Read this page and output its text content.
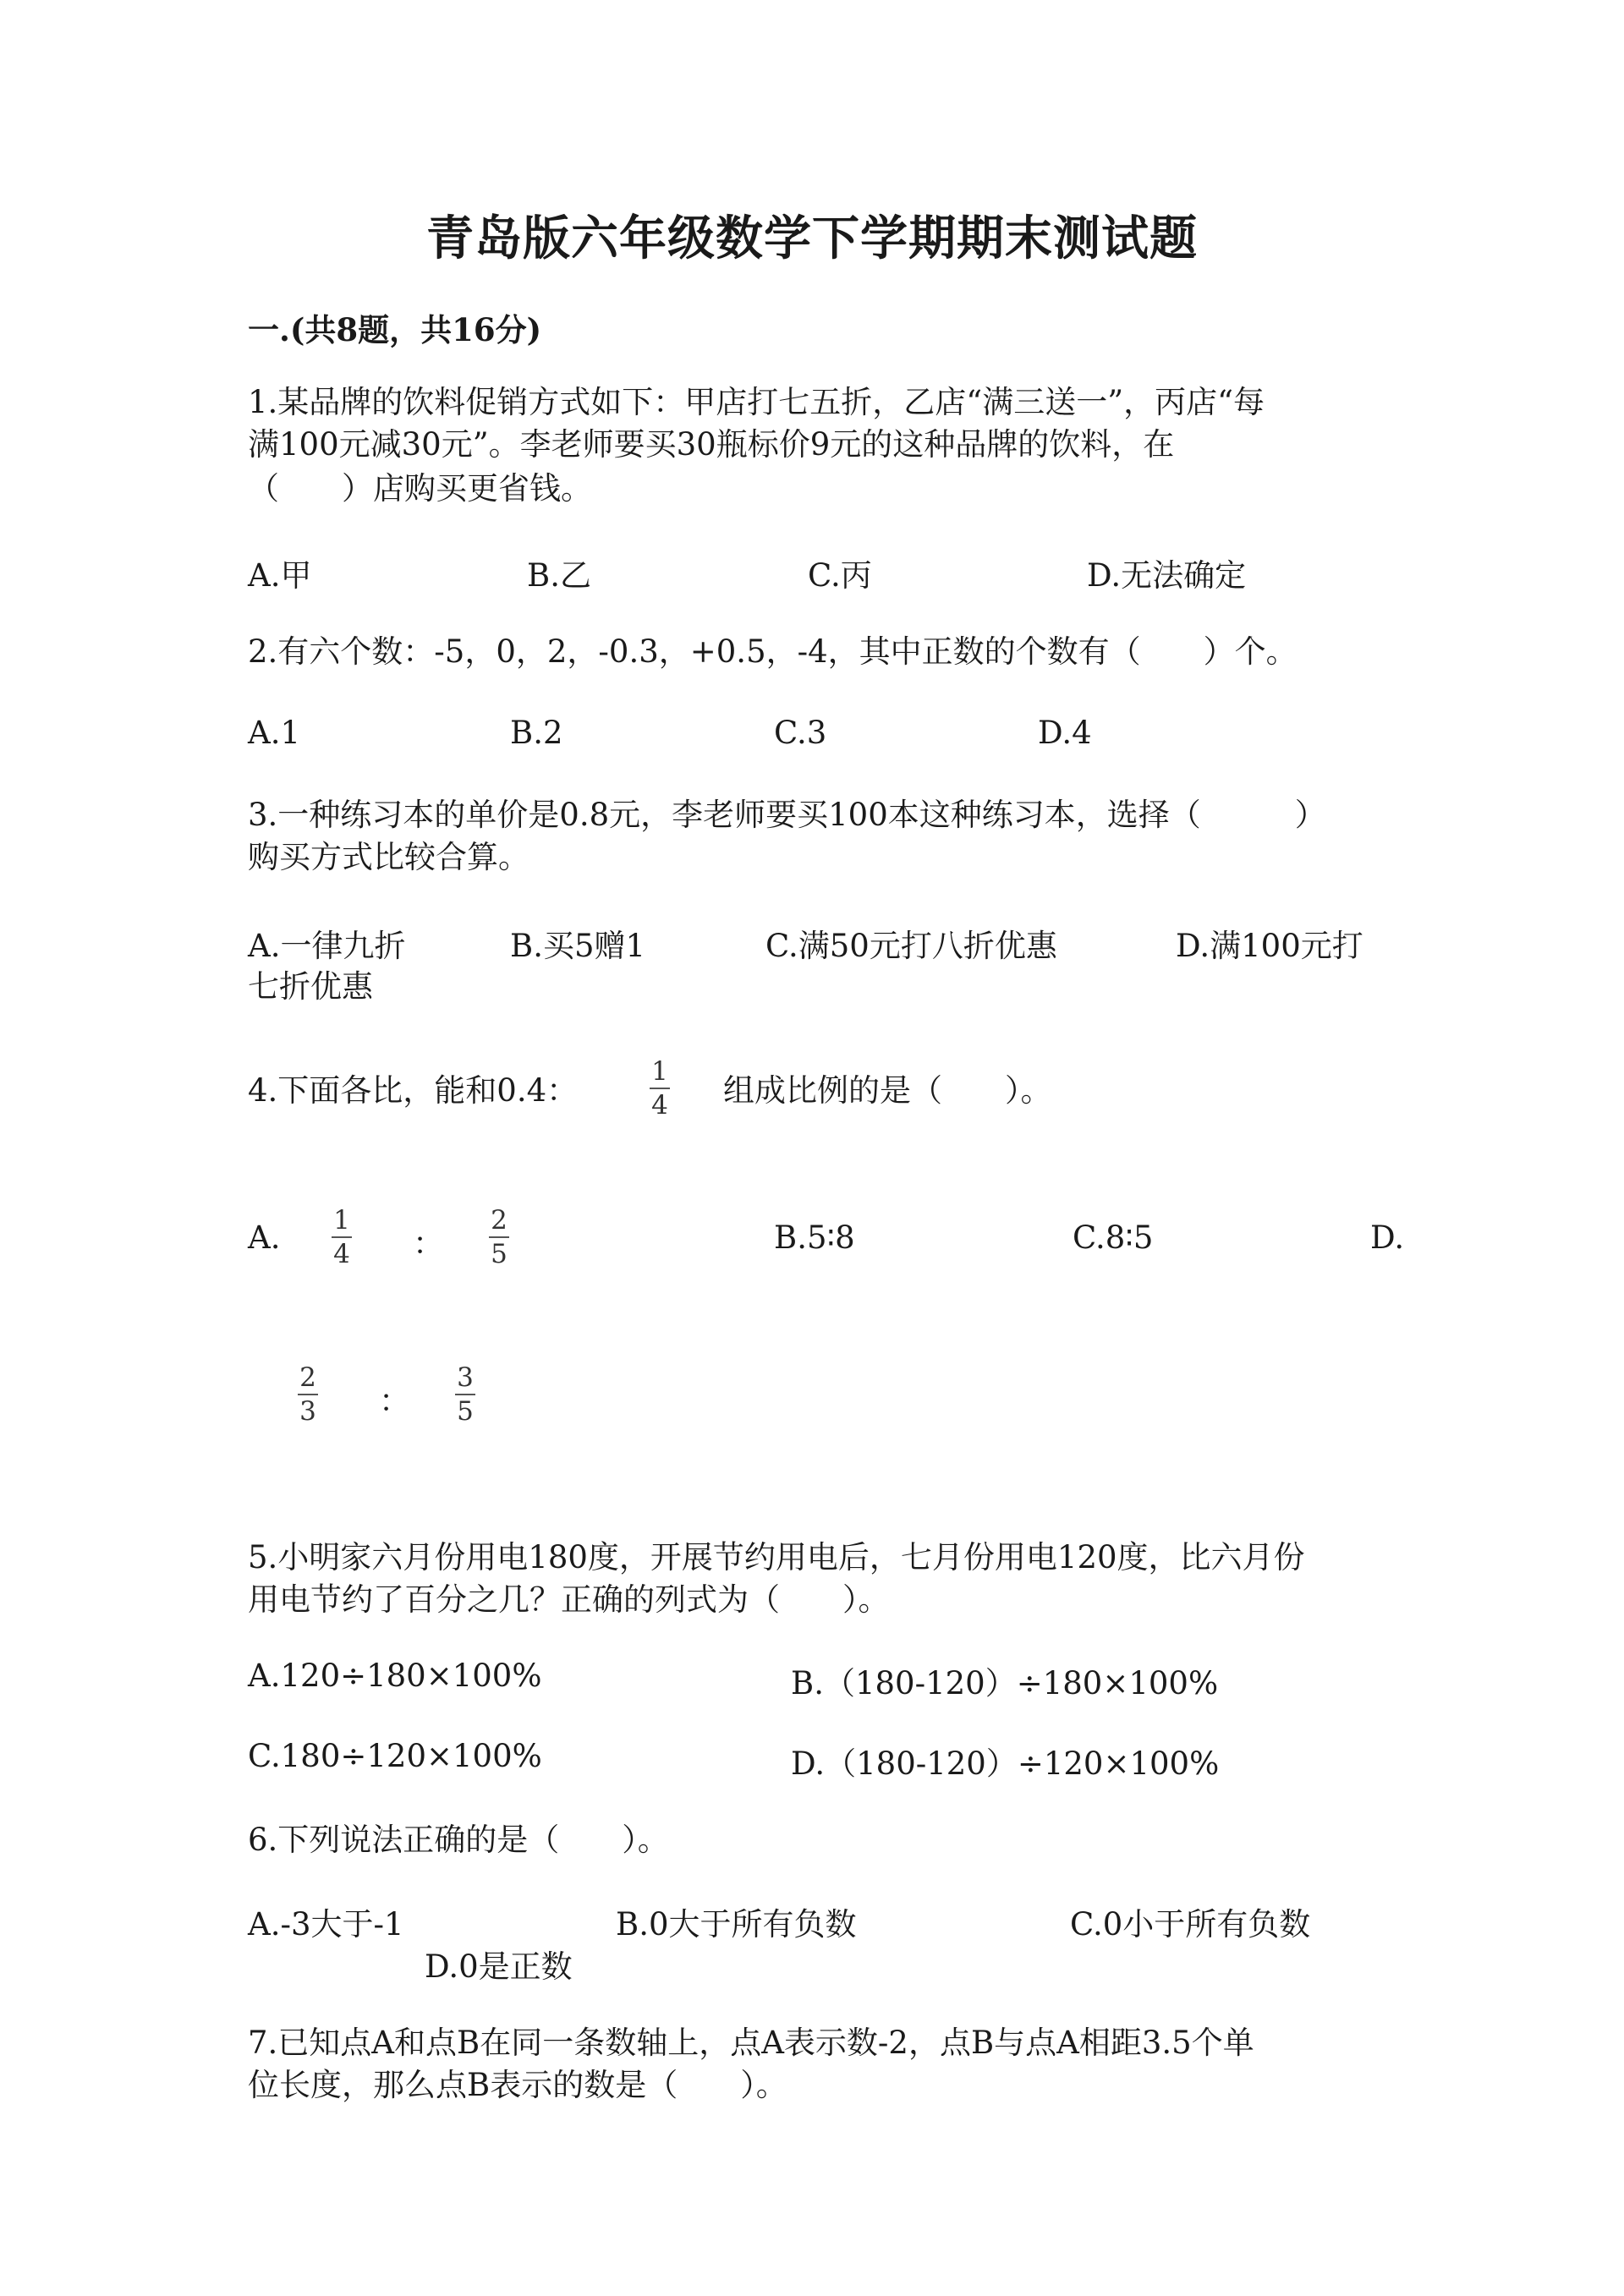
青岛版六年级数学下学期期末测试题
一.(共8题，共16分)
1.某品牌的饮料促销方式如下：甲店打七五折，乙店“满三送一”，丙店“每
满100元减30元”。李老师要买30瓶标价9元的这种品牌的饮料，在
（　　）店购买更省钱。
A.甲	B.乙	C.丙	D.无法确定
2.有六个数：-5，0，2，-0.3，+0.5，-4，其中正数的个数有（　　）个。
A.1	B.2	C.3	D.4
3.一种练习本的单价是0.8元，李老师要买100本这种练习本，选择（　　　）
购买方式比较合算。
A.一律九折	B.买5赠1	C.满50元打八折优惠	D.满100元打
七折优惠
4.下面各比，能和0.4：
1
4 组成比例的是（　　）。
A. 1
4 ：
2
5	B.5∶8	C.8∶5	D.
2
3 ：
3
5
5.小明家六月份用电180度，开展节约用电后，七月份用电120度，比六月份
用电节约了百分之几？正确的列式为（　　）。
A.120÷180×100%	B.（180-120）÷180×100%
C.180÷120×100%	D.（180-120）÷120×100%
6.下列说法正确的是（　　）。
A.-3大于-1	B.0大于所有负数	C.0小于所有负数
D.0是正数
7.已知点A和点B在同一条数轴上，点A表示数-2，点B与点A相距3.5个单
位长度，那么点B表示的数是（　　）。
